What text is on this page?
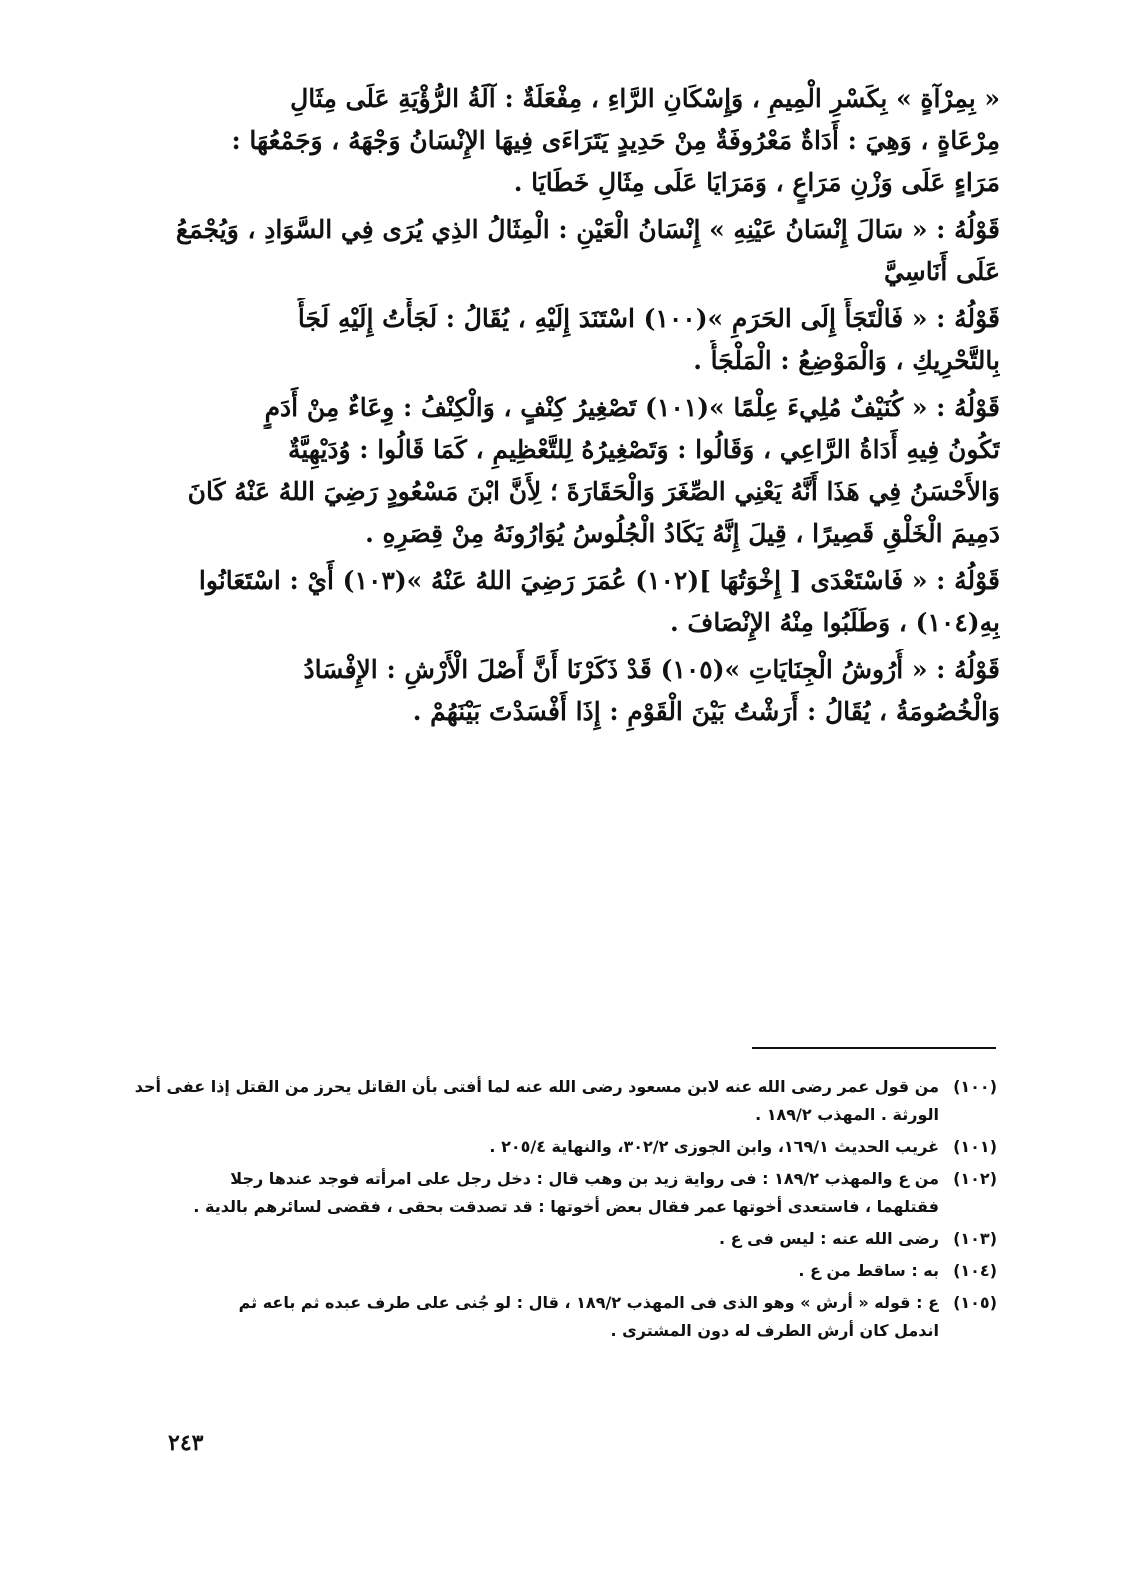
« بِمِرْآةٍ » بِكَسْرِ الْمِيمِ ، وَإِسْكَانِ الرَّاءِ ، مِفْعَلَةٌ : آلَةُ الرُّؤْيَةِ عَلَى مِثَالِ
مِرْعَاةٍ ، وَهِيَ : أَدَاةٌ مَعْرُوفَةٌ مِنْ حَدِيدٍ يَتَرَاءَى فِيهَا الإِنْسَانُ وَجْهَهُ ، وَجَمْعُهَا :
مَرَاءٍ عَلَى وَزْنِ مَرَاعٍ ، وَمَرَايَا عَلَى مِثَالِ خَطَايَا .

قَوْلُهُ : « سَالَ إِنْسَانُ عَيْنِهِ » إِنْسَانُ الْعَيْنِ : الْمِثَالُ الذِي يُرَى فِي السَّوَادِ ، وَيُجْمَعُ
عَلَى أَنَاسِيَّ

قَوْلُهُ : « فَالْتَجَأَ إِلَى الحَرَمِ »(١٠٠) اسْتَنَدَ إِلَيْهِ ، يُقَالُ : لَجَأْتُ إِلَيْهِ لَجَأً
بِالتَّحْرِيكِ ، وَالْمَوْضِعُ : الْمَلْجَأُ .

قَوْلُهُ : « كُنَيْفٌ مُلِيءَ عِلْمًا »(١٠١) تَصْغِيرُ كِنْفٍ ، وَالْكِنْفُ : وِعَاءٌ مِنْ أَدَمٍ
تَكُونُ فِيهِ أَدَاةُ الرَّاعِي ، وَقَالُوا : وَتَصْغِيرُهُ لِلتَّعْظِيمِ ، كَمَا قَالُوا : وُدَيْهِيَّةٌ
وَالأَحْسَنُ فِي هَذَا أَنَّهُ يَعْنِي الصِّغَرَ وَالْحَقَارَةَ ؛ لِأَنَّ ابْنَ مَسْعُودٍ رَضِيَ اللهُ عَنْهُ كَانَ
دَمِيمَ الْخَلْقِ قَصِيرًا ، قِيلَ إِنَّهُ يَكَادُ الْجُلُوسُ يُوَارُونَهُ مِنْ قِصَرِهِ .

قَوْلُهُ : « فَاسْتَعْدَى [ إِخْوَتُهَا ](١٠٢) عُمَرَ رَضِيَ اللهُ عَنْهُ »(١٠٣) أَيْ : اسْتَعَانُوا
بِهِ(١٠٤) ، وَطَلَبُوا مِنْهُ الإِنْصَافَ .

قَوْلُهُ : « أُرُوشُ الْجِنَايَاتِ »(١٠٥) قَدْ ذَكَرْنَا أَنَّ أَصْلَ الْأَرْشِ : الإِفْسَادُ
وَالْخُصُومَةُ ، يُقَالُ : أَرَشْتُ بَيْنَ الْقَوْمِ : إِذَا أَفْسَدْتَ بَيْنَهُمْ .

(١٠٠)
من قول عمر رضى الله عنه لابن مسعود رضى الله عنه لما أفتى بأن القاتل يحرز من القتل إذا عفى أحد
الورثة . المهذب ١٨٩/٢ .
(١٠١)
غريب الحديث ١٦٩/١، وابن الجوزى ٣٠٢/٢، والنهاية ٢٠٥/٤ .
(١٠٢)
من ع والمهذب ١٨٩/٢ : فى رواية زيد بن وهب قال : دخل رجل على امرأته فوجد عندها رجلا
فقتلهما ، فاستعدى أخوتها عمر فقال بعض أخوتها : قد تصدقت بحقى ، فقضى لسائرهم بالدية .
(١٠٣)
رضى الله عنه : ليس فى ع .
(١٠٤)
به : ساقط من ع .
(١٠٥)
ع : قوله « أرش » وهو الذى فى المهذب ١٨٩/٢ ، قال : لو جُنى على طرف عبده ثم باعه ثم
اندمل كان أرش الطرف له دون المشترى .
٢٤٣
